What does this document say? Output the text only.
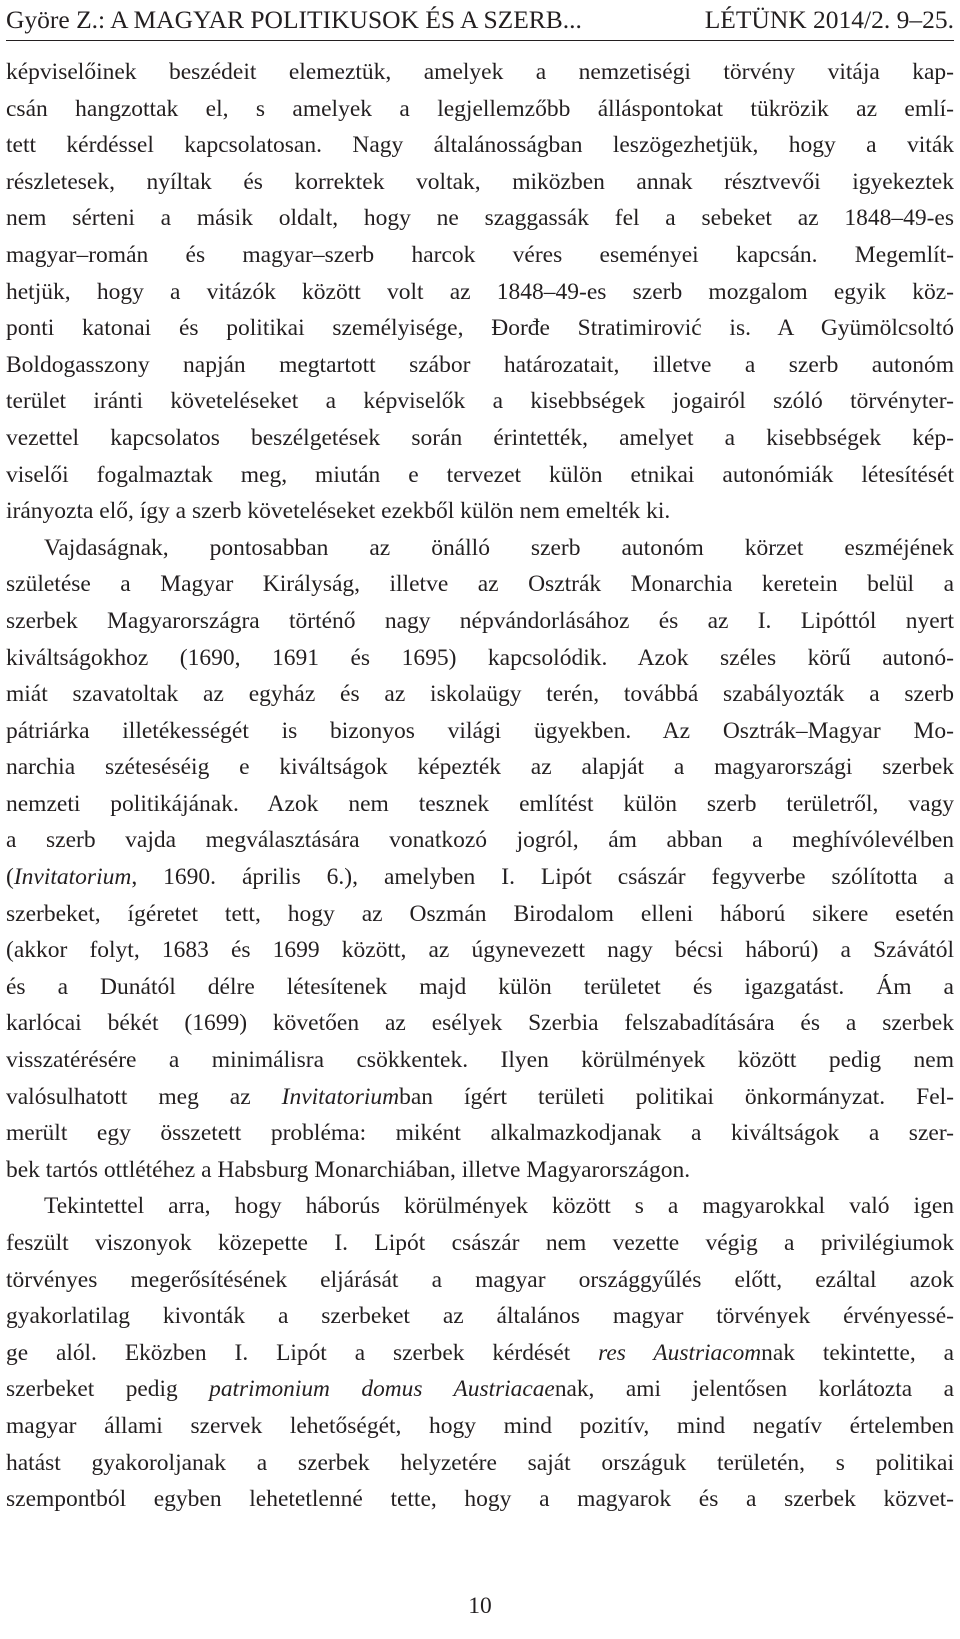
Györe Z.: A MAGYAR POLITIKUSOK ÉS A SZERB...	LÉTÜNK 2014/2. 9–25.
képviselőinek beszédeit elemeztük, amelyek a nemzetiségi törvény vitája kap-
csán hangzottak el, s amelyek a legjellemzőbb álláspontokat tükrözik az emlí-
tett kérdéssel kapcsolatosan. Nagy általánosságban leszögezhetjük, hogy a viták
részletesek, nyíltak és korrektek voltak, miközben annak résztvevői igyekeztek
nem sérteni a másik oldalt, hogy ne szaggassák fel a sebeket az 1848–49-es
magyar–román és magyar–szerb harcok véres eseményei kapcsán. Megemlít-
hetjük, hogy a vitázók között volt az 1848–49-es szerb mozgalom egyik köz-
ponti katonai és politikai személyisége, Đorđe Stratimirović is. A Gyümölcsoltó
Boldogasszony napján megtartott szábor határozatait, illetve a szerb autonóm
terület iránti követeléseket a képviselők a kisebbségek jogairól szóló törvényter-
vezettel kapcsolatos beszélgetések során érintették, amelyet a kisebbségek kép-
viselői fogalmaztak meg, miután e tervezet külön etnikai autonómiák létesítését
irányozta elő, így a szerb követeléseket ezekből külön nem emelték ki.
Vajdaságnak, pontosabban az önálló szerb autonóm körzet eszméjének
születése a Magyar Királyság, illetve az Osztrák Monarchia keretein belül a
szerbek Magyarországra történő nagy népvándorlásához és az I. Lipóttól nyert
kiváltságokhoz (1690, 1691 és 1695) kapcsolódik. Azok széles körű autonó-
miát szavatoltak az egyház és az iskolaügy terén, továbbá szabályozták a szerb
pátriárka illetékességét is bizonyos világi ügyekben. Az Osztrák–Magyar Mo-
narchia széteséséig e kiváltságok képezték az alapját a magyarországi szerbek
nemzeti politikájának. Azok nem tesznek említést külön szerb területről, vagy
a szerb vajda megválasztására vonatkozó jogról, ám abban a meghívólevélben
(Invitatorium, 1690. április 6.), amelyben I. Lipót császár fegyverbe szólította a
szerbeket, ígéretet tett, hogy az Oszmán Birodalom elleni háború sikere esetén
(akkor folyt, 1683 és 1699 között, az úgynevezett nagy bécsi háború) a Szávától
és a Dunától délre létesítenek majd külön területet és igazgatást. Ám a
karlócai békét (1699) követően az esélyek Szerbia felszabadítására és a szerbek
visszatérésére a minimálisra csökkentek. Ilyen körülmények között pedig nem
valósulhatott meg az Invitatoriumban ígért területi politikai önkormányzat. Fel-
merült egy összetett probléma: miként alkalmazkodjanak a kiváltságok a szer-
bek tartós ottlétéhez a Habsburg Monarchiában, illetve Magyarországon.
Tekintettel arra, hogy háborús körülmények között s a magyarokkal való igen
feszült viszonyok közepette I. Lipót császár nem vezette végig a privilégiumok
törvényes megerősítésének eljárását a magyar országgyűlés előtt, ezáltal azok
gyakorlatilag kivonták a szerbeket az általános magyar törvények érvényessé-
ge alól. Eközben I. Lipót a szerbek kérdését res Austriacomnak tekintette, a
szerbeket pedig patrimonium domus Austriacaenak, ami jelentősen korlátozta a
magyar állami szervek lehetőségét, hogy mind pozitív, mind negatív értelemben
hatást gyakoroljanak a szerbek helyzetére saját országuk területén, s politikai
szempontból egyben lehetetlenné tette, hogy a magyarok és a szerbek közvet-
10
